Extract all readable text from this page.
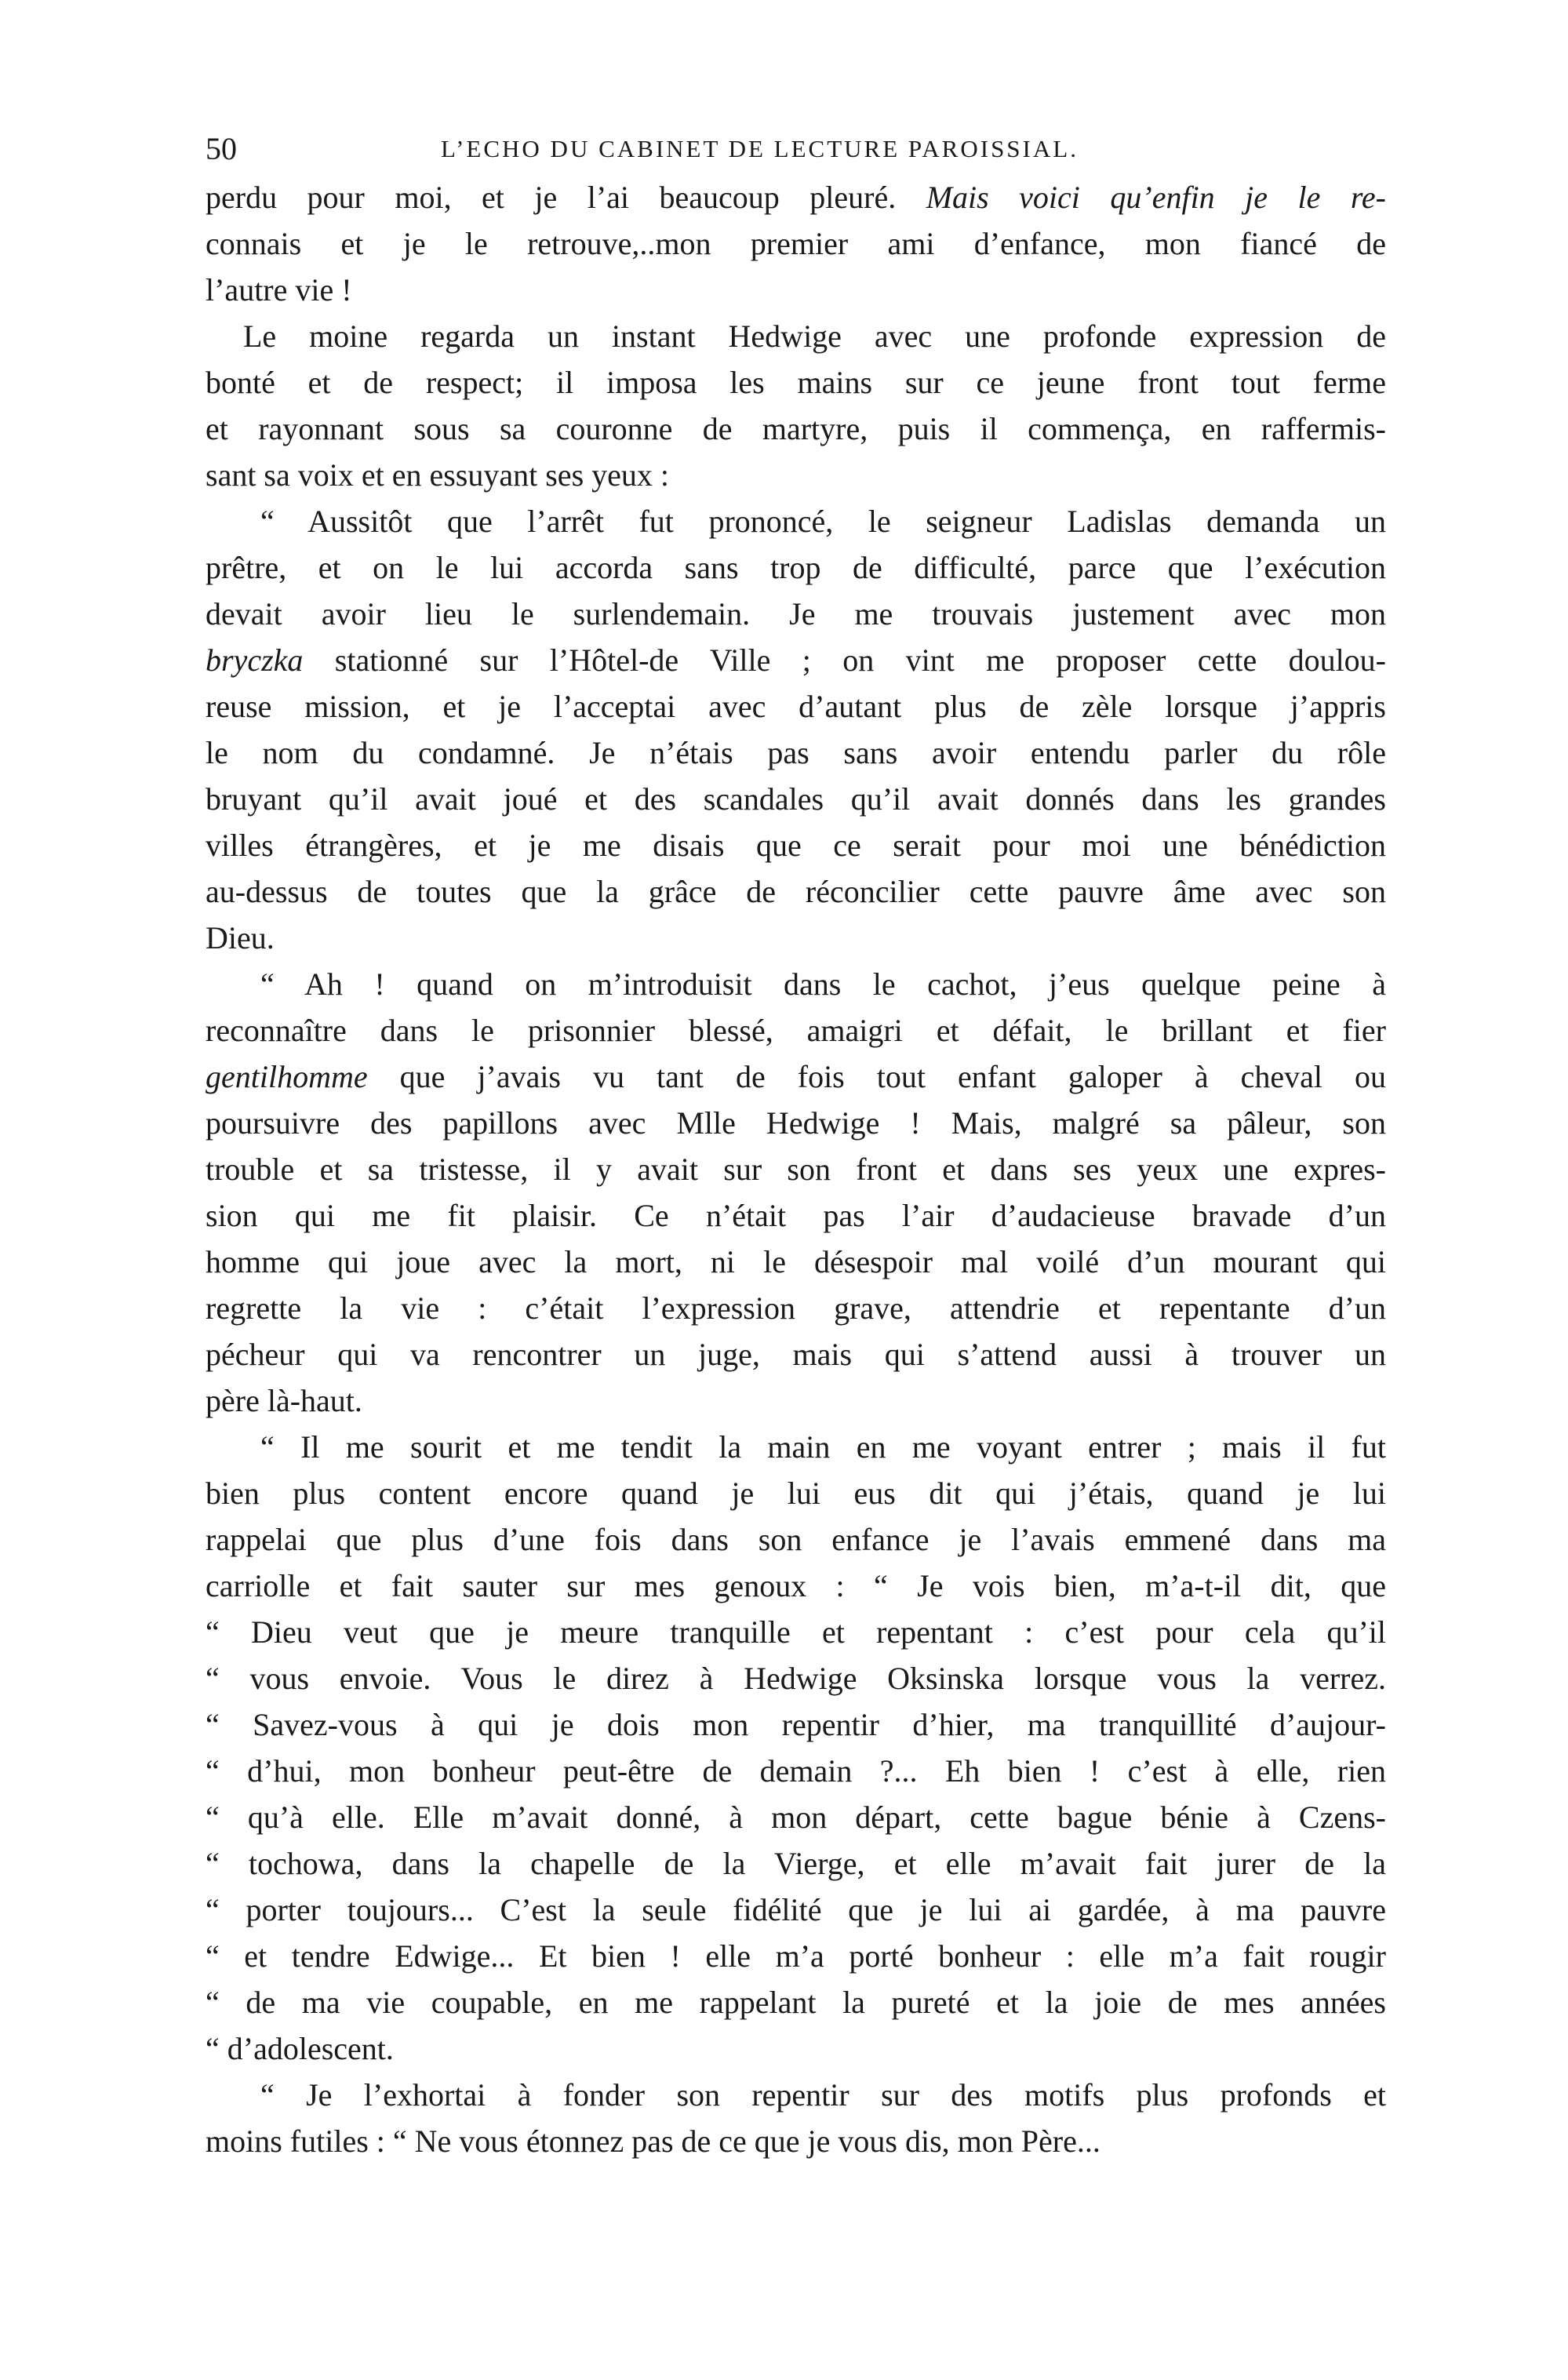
50	L’ECHO DU CABINET DE LECTURE PAROISSIAL.
perdu pour moi, et je l’ai beaucoup pleuré. Mais voici qu’enfin je le re-
connais et je le retrouve,..mon premier ami d’enfance, mon fiancé de
l’autre vie !
Le moine regarda un instant Hedwige avec une profonde expression de
bonté et de respect; il imposa les mains sur ce jeune front tout ferme
et rayonnant sous sa couronne de martyre, puis il commença, en raffermis-
sant sa voix et en essuyant ses yeux :
“ Aussitôt que l’arrêt fut prononcé, le seigneur Ladislas demanda un
prêtre, et on le lui accorda sans trop de difficulté, parce que l’exécution
devait avoir lieu le surlendemain. Je me trouvais justement avec mon
bryczka stationné sur l’Hôtel-de Ville ; on vint me proposer cette doulou-
reuse mission, et je l’acceptai avec d’autant plus de zèle lorsque j’appris
le nom du condamné. Je n’étais pas sans avoir entendu parler du rôle
bruyant qu’il avait joué et des scandales qu’il avait donnés dans les grandes
villes étrangères, et je me disais que ce serait pour moi une bénédiction
au-dessus de toutes que la grâce de réconcilier cette pauvre âme avec son
Dieu.
“ Ah ! quand on m’introduisit dans le cachot, j’eus quelque peine à
reconnaître dans le prisonnier blessé, amaigri et défait, le brillant et fier
gentilhomme que j’avais vu tant de fois tout enfant galoper à cheval ou
poursuivre des papillons avec Mlle Hedwige ! Mais, malgré sa pâleur, son
trouble et sa tristesse, il y avait sur son front et dans ses yeux une expres-
sion qui me fit plaisir. Ce n’était pas l’air d’audacieuse bravade d’un
homme qui joue avec la mort, ni le désespoir mal voilé d’un mourant qui
regrette la vie : c’était l’expression grave, attendrie et repentante d’un
pécheur qui va rencontrer un juge, mais qui s’attend aussi à trouver un
père là-haut.
“ Il me sourit et me tendit la main en me voyant entrer ; mais il fut
bien plus content encore quand je lui eus dit qui j’étais, quand je lui
rappelai que plus d’une fois dans son enfance je l’avais emmené dans ma
carriolle et fait sauter sur mes genoux : “ Je vois bien, m’a-t-il dit, que
“ Dieu veut que je meure tranquille et repentant : c’est pour cela qu’il
“ vous envoie. Vous le direz à Hedwige Oksinska lorsque vous la verrez.
“ Savez-vous à qui je dois mon repentir d’hier, ma tranquillité d’aujour-
“ d’hui, mon bonheur peut-être de demain ?... Eh bien ! c’est à elle, rien
“ qu’à elle. Elle m’avait donné, à mon départ, cette bague bénie à Czens-
“ tochowa, dans la chapelle de la Vierge, et elle m’avait fait jurer de la
“ porter toujours... C’est la seule fidélité que je lui ai gardée, à ma pauvre
“ et tendre Edwige... Et bien ! elle m’a porté bonheur : elle m’a fait rougir
“ de ma vie coupable, en me rappelant la pureté et la joie de mes années
“ d’adolescent.
“ Je l’exhortai à fonder son repentir sur des motifs plus profonds et
moins futiles : “ Ne vous étonnez pas de ce que je vous dis, mon Père...
